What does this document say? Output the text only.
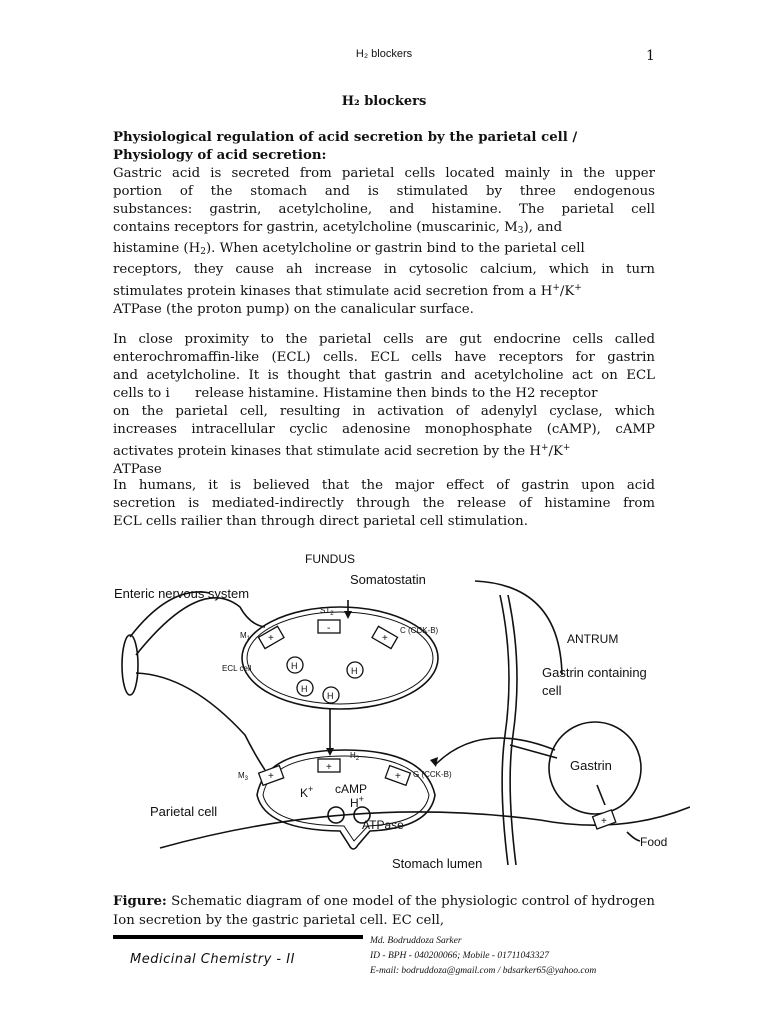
H₂ blockers	1
H₂ blockers
Physiological regulation of acid secretion by the parietal cell /
Physiology of acid secretion:
Gastric acid is secreted from parietal cells located mainly in the upper
portion of the stomach and is stimulated by three endogenous
substances: gastrin, acetylcholine, and histamine. The parietal cell
contains receptors for gastrin, acetylcholine (muscarinic, $M_3$), and
histamine $(H_2)$. When acetylcholine or gastrin bind to the parietal cell
receptors, they cause ah increase in cytosolic calcium, which in turn
stimulates protein kinases that stimulate acid secretion from a H+/K+
ATPase (the proton pump) on the canalicular surface.
In close proximity to the parietal cells are gut endocrine cells called
enterochromaffin-like (ECL) cells. ECL cells have receptors for gastrin
and acetylcholine. It is thought that gastrin and acetylcholine act on ECL
cells to i      release histamine. Histamine then binds to the H2 receptor
on the parietal cell, resulting in activation of adenylyl cyclase, which
increases intracellular cyclic adenosine monophosphate (cAMP), cAMP
activates protein kinases that stimulate acid secretion by the H+/K+
ATPase
In humans, it is believed that the major effect of gastrin upon acid
secretion is mediated-indirectly through the release of histamine from
ECL cells railier than through direct parietal cell stimulation.
FUNDUS
Somatostatin
Enteric nervous system
$ST_2$
$M_1$
C (CCK-B)
ECL cell	H	H
H
H
ANTRUM
Gastrin containing
cell
Gastrin
$H_2$
$M_3$	G (CCK-B)
K+ cAMP
H+
Parietal cell
ATPase
Food
Stomach lumen
+
-
+
+
+
+
+
Figure: Schematic diagram of one model of the physiologic control of hydrogen Ion secretion by the gastric parietal cell. EC cell,
Medicinal Chemistry - II
Md. Bodruddoza Sarker
ID - BPH - 040200066; Mobile - 01711043327
E-mail: bodruddoza@gmail.com / bdsarker65@yahoo.com
